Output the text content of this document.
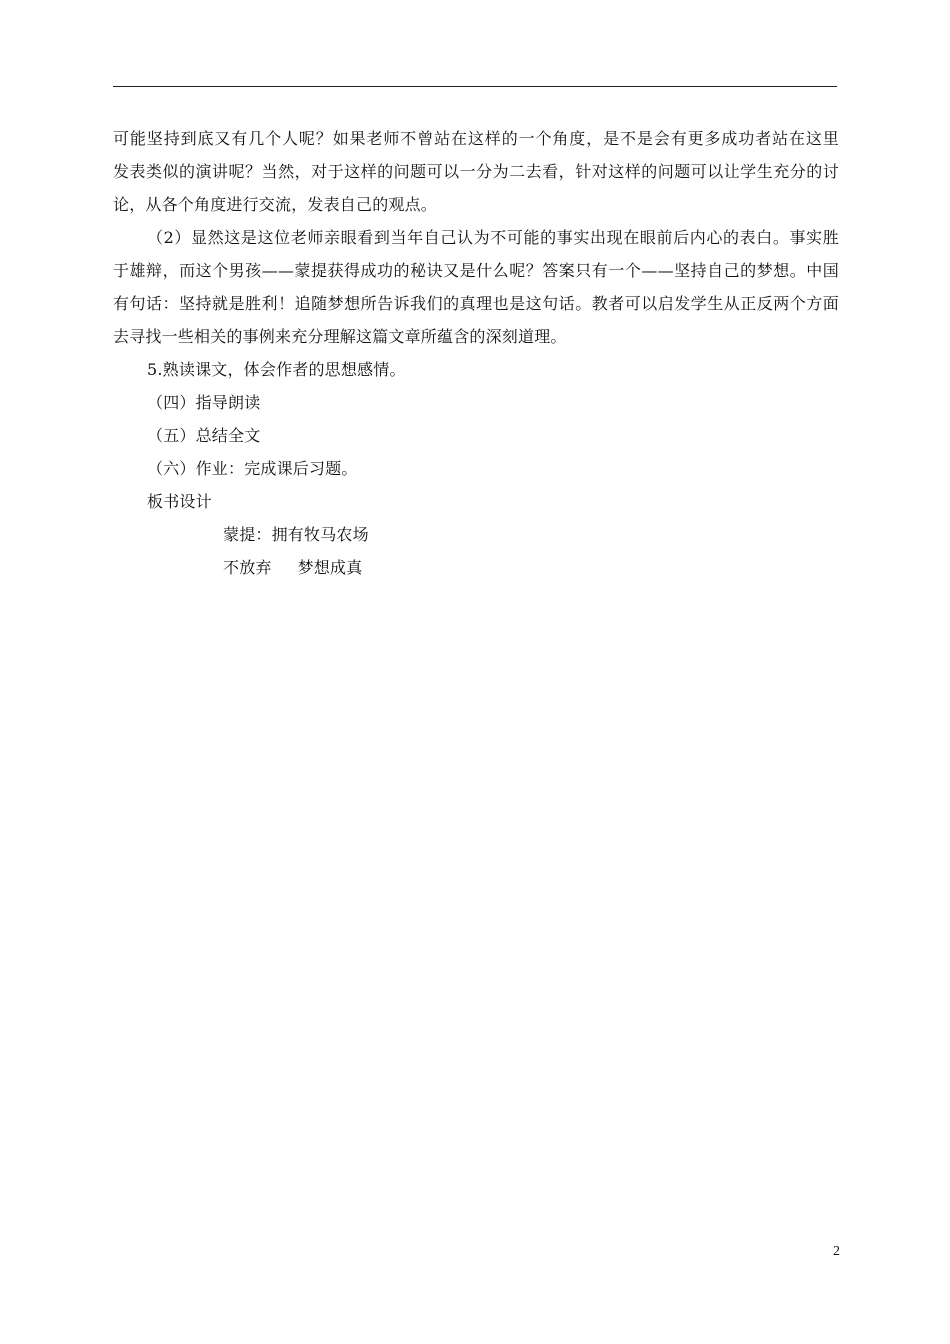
可能坚持到底又有几个人呢？如果老师不曾站在这样的一个角度，是不是会有更多成功者站在这里
发表类似的演讲呢？当然，对于这样的问题可以一分为二去看，针对这样的问题可以让学生充分的讨
论，从各个角度进行交流，发表自己的观点。
（2）显然这是这位老师亲眼看到当年自己认为不可能的事实出现在眼前后内心的表白。事实胜
于雄辩，而这个男孩——蒙提获得成功的秘诀又是什么呢？答案只有一个——坚持自己的梦想。中国
有句话：坚持就是胜利！追随梦想所告诉我们的真理也是这句话。教者可以启发学生从正反两个方面
去寻找一些相关的事例来充分理解这篇文章所蕴含的深刻道理。
5.熟读课文，体会作者的思想感情。
（四）指导朗读
（五）总结全文
（六）作业：完成课后习题。
板书设计
蒙提：拥有牧马农场
不放弃 梦想成真
2
